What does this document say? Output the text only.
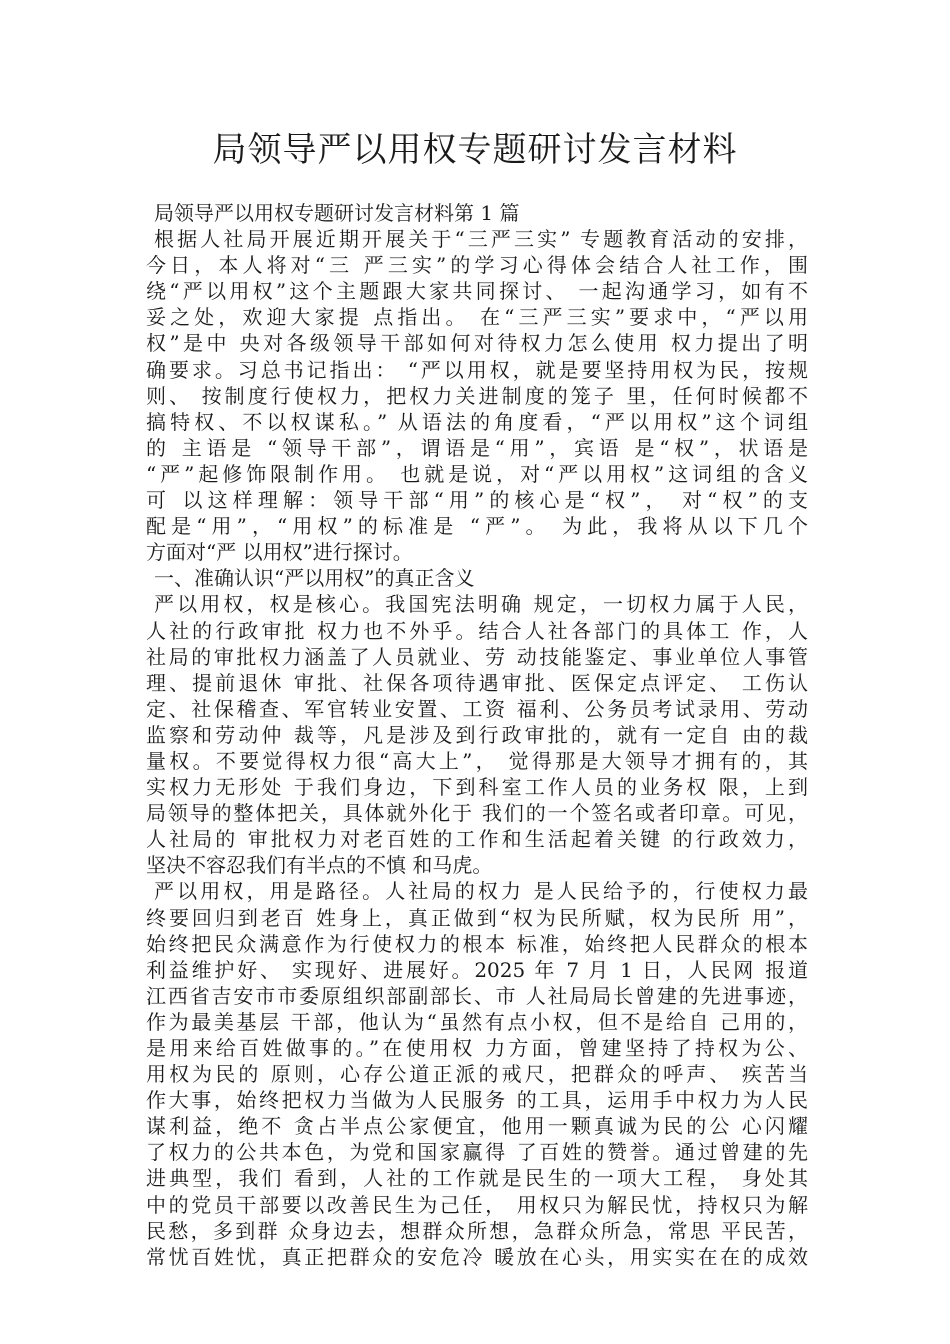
局领导严以用权专题研讨发言材料
局领导严以用权专题研讨发言材料第 1 篇
根据人社局开展近期开展关于“三严三实” 专题教育活动的安排，
今日，本人将对“三 严三实”的学习心得体会结合人社工作，围
绕“严以用权”这个主题跟大家共同探讨、 一起沟通学习，如有不
妥之处，欢迎大家提 点指出。 在“三严三实”要求中，“严以用
权”是中 央对各级领导干部如何对待权力怎么使用 权力提出了明
确要求。习总书记指出： “严以用权，就是要坚持用权为民，按规
则、 按制度行使权力，把权力关进制度的笼子 里，任何时候都不
搞特权、不以权谋私。” 从语法的角度看，“严以用权”这个词组
的 主语是 “领导干部”，谓语是“用”，宾语 是“权”，状语是
“严”起修饰限制作用。 也就是说，对“严以用权”这词组的含义
可 以这样理解：领导干部“用”的核心是“权”， 对“权”的支
配是“用”，“用权”的标准是 “严”。 为此，我将从以下几个
方面对“严 以用权”进行探讨。
一、准确认识“严以用权”的真正含义
严以用权，权是核心。我国宪法明确 规定，一切权力属于人民，
人社的行政审批 权力也不外乎。结合人社各部门的具体工 作，人
社局的审批权力涵盖了人员就业、劳 动技能鉴定、事业单位人事管
理、提前退休 审批、社保各项待遇审批、医保定点评定、 工伤认
定、社保稽查、军官转业安置、工资 福利、公务员考试录用、劳动
监察和劳动仲 裁等，凡是涉及到行政审批的，就有一定自 由的裁
量权。不要觉得权力很“高大上”， 觉得那是大领导才拥有的，其
实权力无形处 于我们身边，下到科室工作人员的业务权 限，上到
局领导的整体把关，具体就外化于 我们的一个签名或者印章。可见，
人社局的 审批权力对老百姓的工作和生活起着关键 的行政效力，
坚决不容忍我们有半点的不慎 和马虎。
严以用权，用是路径。人社局的权力 是人民给予的，行使权力最
终要回归到老百 姓身上，真正做到“权为民所赋，权为民所 用”，
始终把民众满意作为行使权力的根本 标准，始终把人民群众的根本
利益维护好、 实现好、进展好。2025 年 7 月 1 日，人民网 报道
江西省吉安市市委原组织部副部长、市 人社局局长曾建的先进事迹，
作为最美基层 干部，他认为“虽然有点小权，但不是给自 己用的，
是用来给百姓做事的。”在使用权 力方面，曾建坚持了持权为公、
用权为民的 原则，心存公道正派的戒尺，把群众的呼声、 疾苦当
作大事，始终把权力当做为人民服务 的工具，运用手中权力为人民
谋利益，绝不 贪占半点公家便宜，他用一颗真诚为民的公 心闪耀
了权力的公共本色，为党和国家赢得 了百姓的赞誉。通过曾建的先
进典型，我们 看到，人社的工作就是民生的一项大工程， 身处其
中的党员干部要以改善民生为己任， 用权只为解民忧，持权只为解
民愁，多到群 众身边去，想群众所想，急群众所急，常思 平民苦，
常忧百姓忧，真正把群众的安危冷 暖放在心头，用实实在在的成效
